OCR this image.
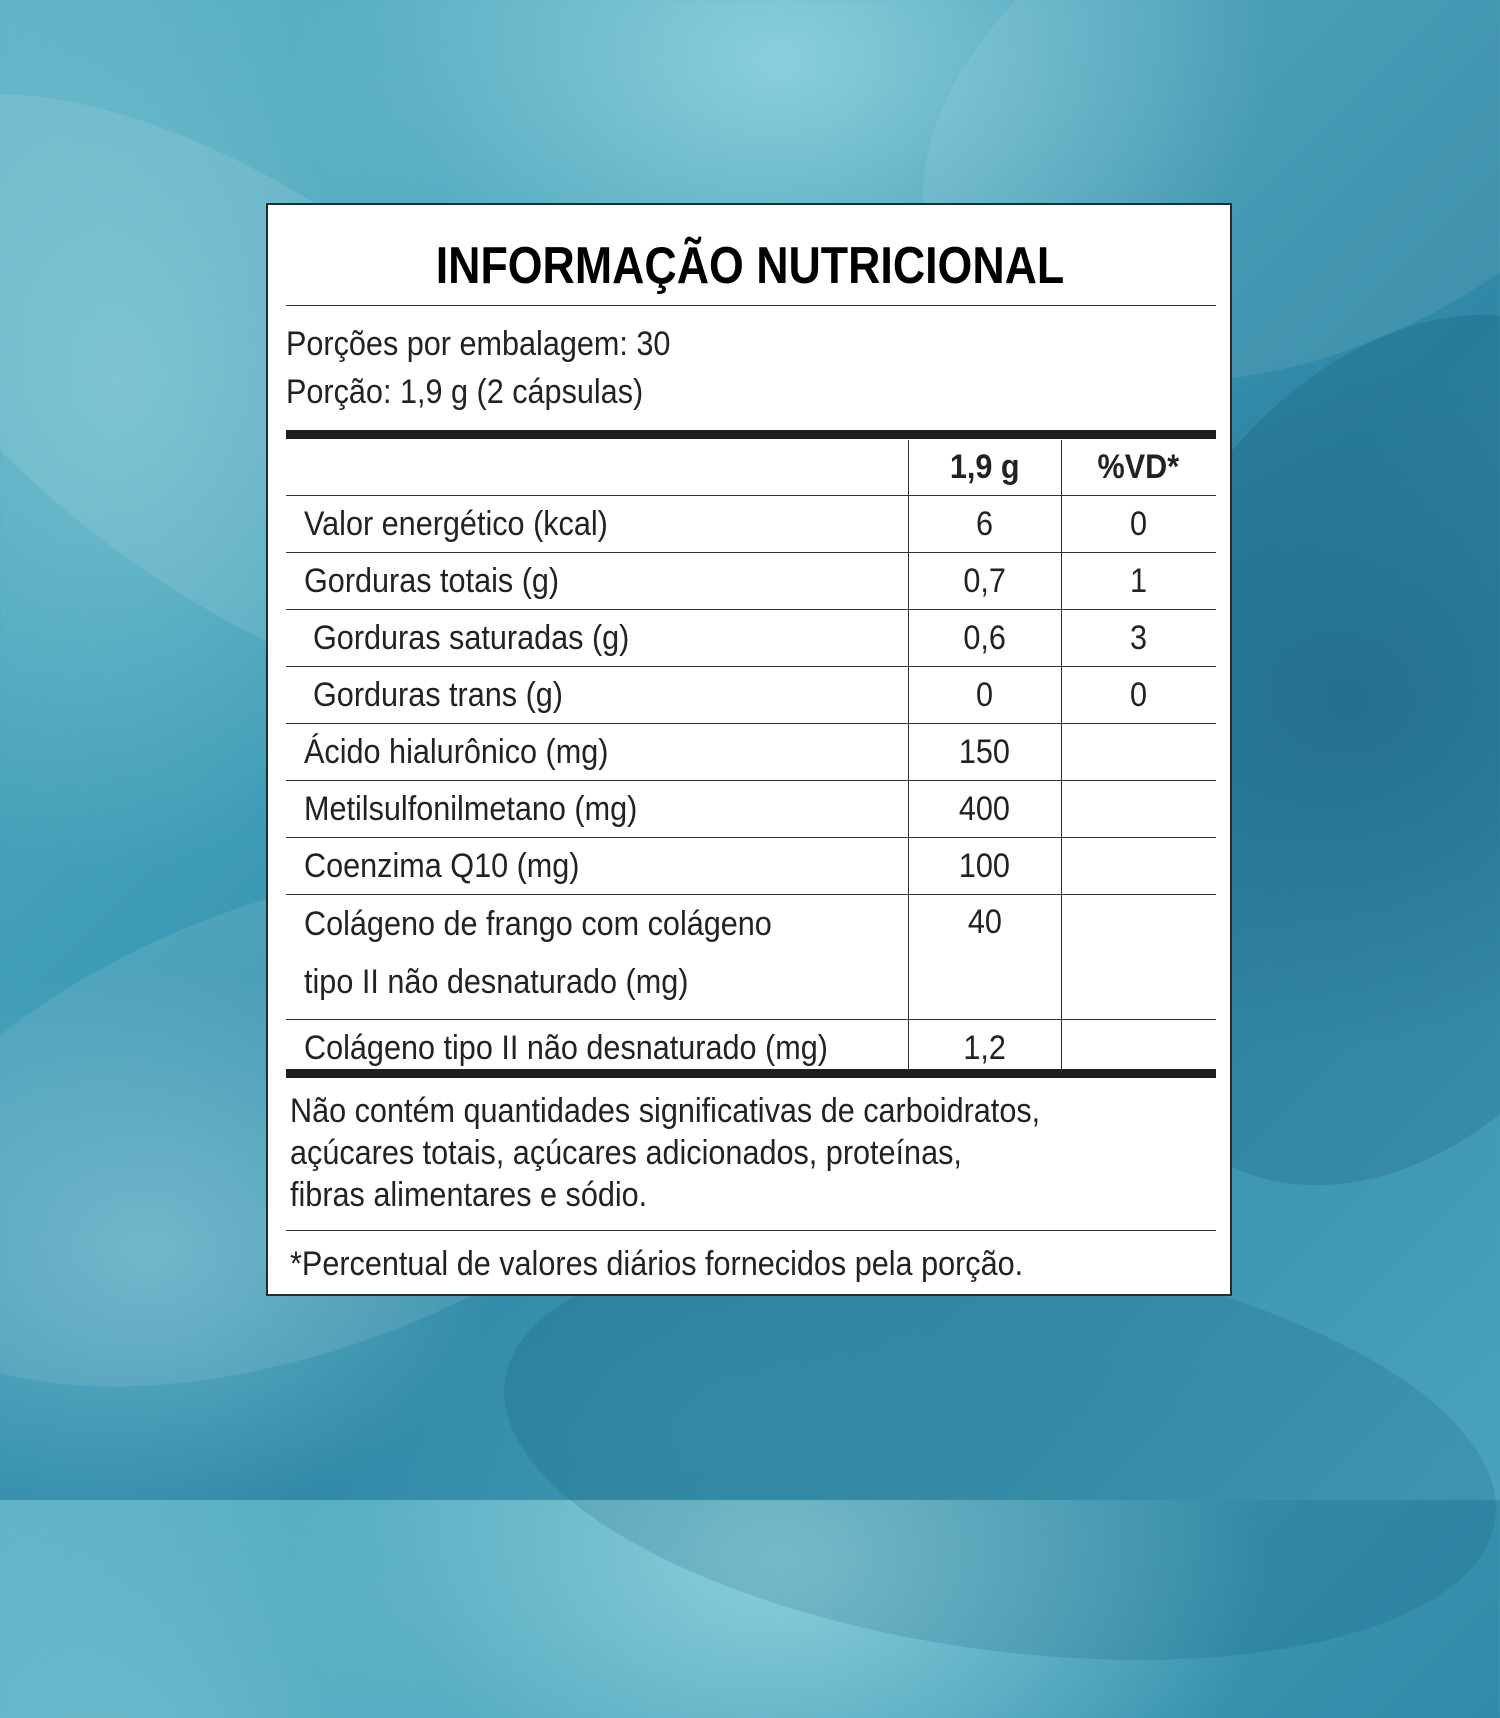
INFORMAÇÃO NUTRICIONAL
Porções por embalagem: 30
Porção: 1,9 g (2 cápsulas)
	1,9 g	%VD*
Valor energético (kcal)	6	0
Gorduras totais (g)	0,7	1
Gorduras saturadas (g)	0,6	3
Gorduras trans (g)	0	0
Ácido hialurônico (mg)	150	
Metilsulfonilmetano (mg)	400	
Coenzima Q10 (mg)	100	
Colágeno de frango com colágeno tipo II não desnaturado (mg)	40	
Colágeno tipo II não desnaturado (mg)	1,2	
Não contém quantidades significativas de carboidratos,
açúcares totais, açúcares adicionados, proteínas,
fibras alimentares e sódio.
*Percentual de valores diários fornecidos pela porção.
